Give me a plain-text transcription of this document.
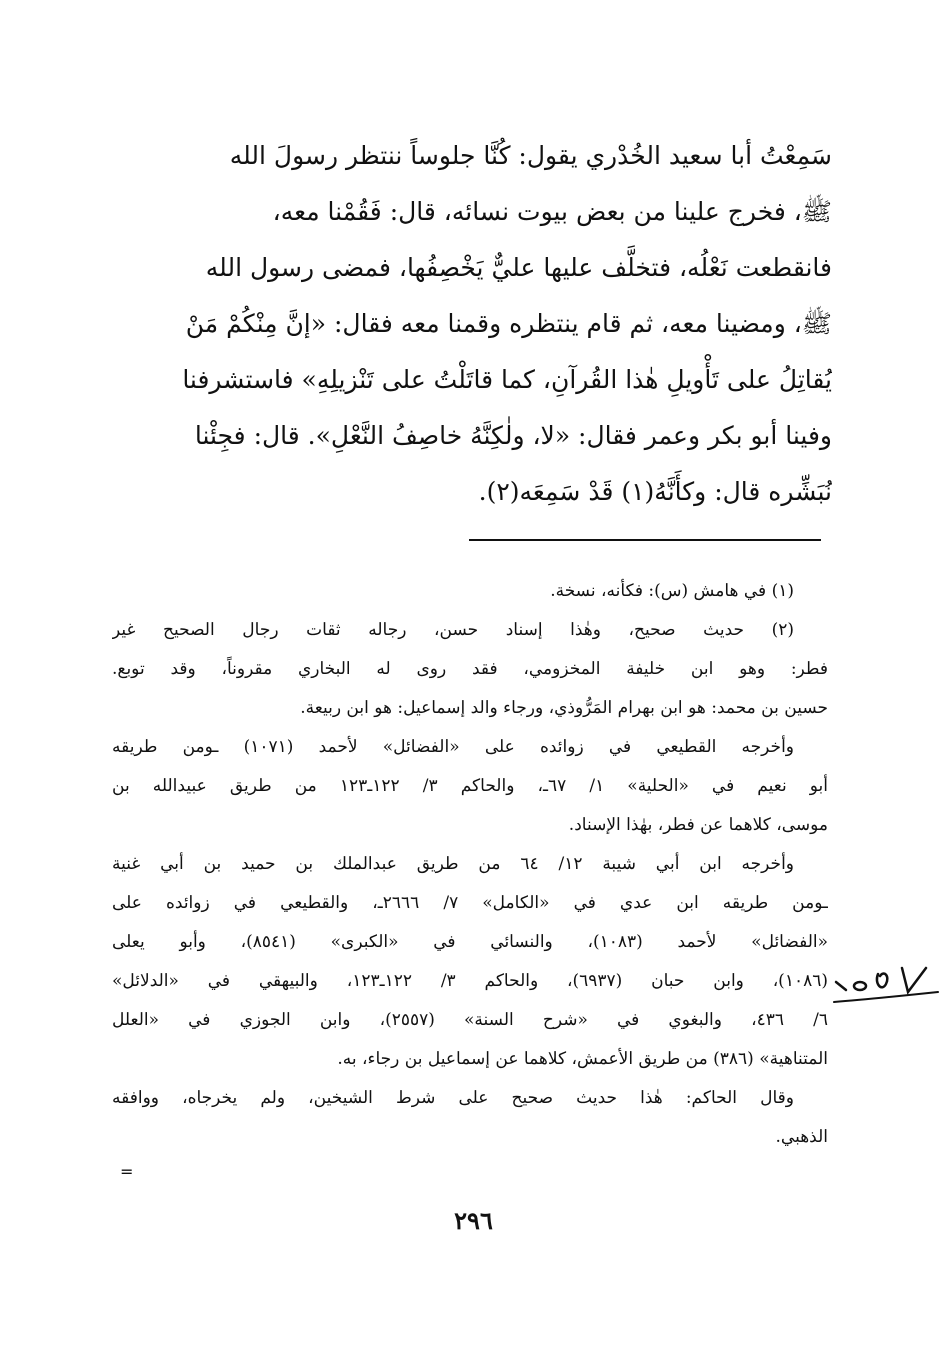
سَمِعْتُ أبا سعيد الخُدْري يقول: كُنَّا جلوساً ننتظر رسولَ الله
ﷺ، فخرج علينا من بعض بيوت نسائه، قال: فَقُمْنا معه،
فانقطعت نَعْلُه، فتخلَّف عليها عليٌّ يَخْصِفُها، فمضى رسول الله
ﷺ، ومضينا معه، ثم قام ينتظره وقمنا معه فقال: «إنَّ مِنْكُمْ مَنْ
يُقاتِلُ على تَأْويلِ هٰذا القُرآنِ، كما قاتَلْتُ على تَنْزيلِهِ» فاستشرفنا
وفينا أبو بكر وعمر فقال: «لا، ولٰكِنَّهُ خاصِفُ النَّعْلِ». قال: فجِئْنا
نُبَشِّره قال: وكأَنَّهُ(١) قَدْ سَمِعَه(٢).
(١) في هامش (س): فكأنه، نسخة.
(٢) حديث صحيح، وهٰذا إسناد حسن، رجاله ثقات رجال الصحيح غير
فطر: وهو ابن خليفة المخزومي، فقد روى له البخاري مقروناً، وقد توبع.
حسين بن محمد: هو ابن بهرام المَرُّوذي، ورجاء والد إسماعيل: هو ابن ربيعة.
وأخرجه القطيعي في زوائده على «الفضائل» لأحمد (١٠٧١) ـومن طريقه
أبو نعيم في «الحلية» ١/ ٦٧ـ، والحاكم ٣/ ١٢٢ـ١٢٣ من طريق عبيدالله بن
موسى، كلاهما عن فطر، بهٰذا الإسناد.
وأخرجه ابن أبي شيبة ١٢/ ٦٤ من طريق عبدالملك بن حميد بن أبي غنية
ـومن طريقه ابن عدي في «الكامل» ٧/ ٢٦٦٦ـ، والقطيعي في زوائده على
«الفضائل» لأحمد (١٠٨٣)، والنسائي في «الكبرى» (٨٥٤١)، وأبو يعلى
(١٠٨٦)، وابن حبان (٦٩٣٧)، والحاكم ٣/ ١٢٢ـ١٢٣، والبيهقي في «الدلائل»
٦/ ٤٣٦، والبغوي في «شرح السنة» (٢٥٥٧)، وابن الجوزي في «العلل
المتناهية» (٣٨٦) من طريق الأعمش، كلاهما عن إسماعيل بن رجاء، به.
وقال الحاكم: هٰذا حديث صحيح على شرط الشيخين، ولم يخرجاه، ووافقه
الذهبي.
=
٢٩٦
